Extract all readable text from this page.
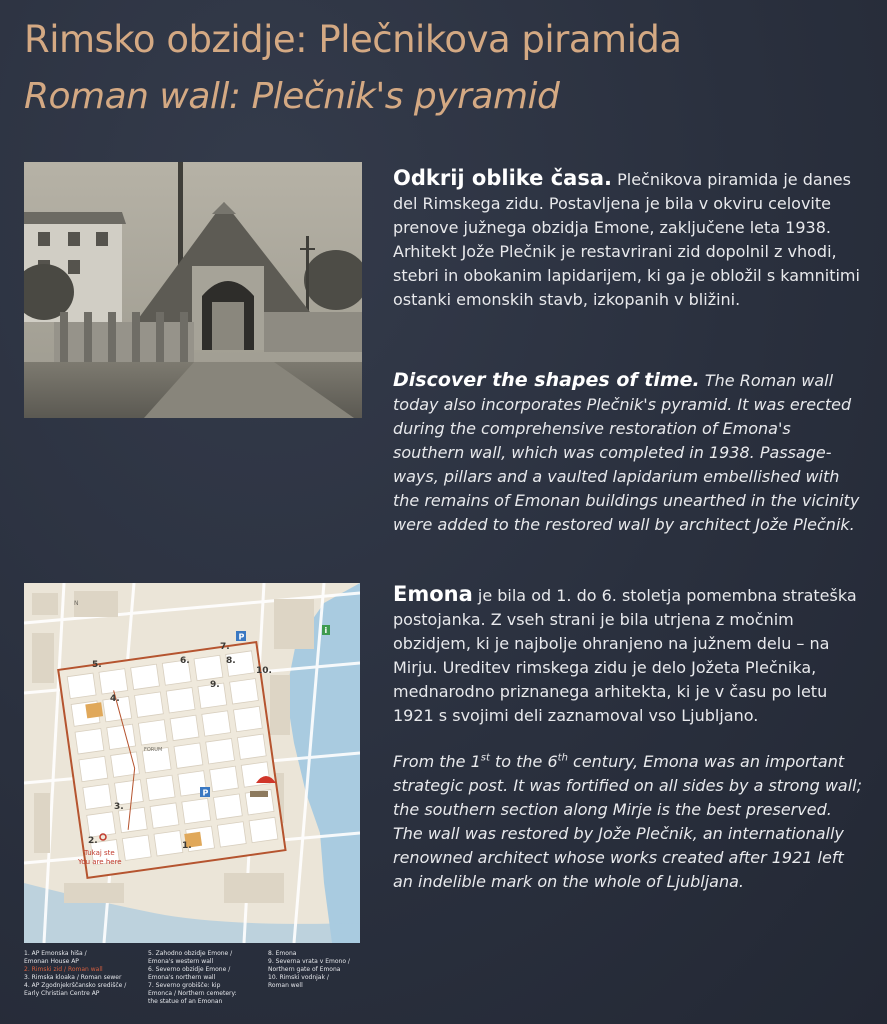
Rimsko obzidje: Plečnikova piramida
Roman wall: Plečnik's pyramid
Odkrij oblike časa. Plečnikova piramida je danes del Rimskega zidu. Postavljena je bila v okviru celovite prenove južnega obzidja Emone, zaključene leta 1938. Arhitekt Jože Plečnik je restavrirani zid dopolnil z vhodi, stebri in obokanim lapidarijem, ki ga je obložil s kamnitimi ostanki emonskih stavb, izkopanih v bližini.
Discover the shapes of time. The Roman wall today also incorporates Plečnik's pyramid. It was erected during the comprehensive restoration of Emona's southern wall, which was completed in 1938. Passage-ways, pillars and a vaulted lapidarium embellished with the remains of Emonan buildings unearthed in the vicinity were added to the restored wall by architect Jože Plečnik.
1.
2.
3.
4.
5.	6.
7.
8.
9.
10.
FORUM
N
Tukaj ste
You are here
P
P
i
Emona je bila od 1. do 6. stoletja pomembna strateška postojanka. Z vseh strani je bila utrjena z močnim obzidjem, ki je najbolje ohranjeno na južnem delu – na Mirju. Ureditev rimskega zidu je delo Jožeta Plečnika, mednarodno priznanega arhitekta, ki je v času po letu 1921 s svojimi deli zaznamoval vso Ljubljano.
From the 1st to the 6th century, Emona was an important strategic post. It was fortified on all sides by a strong wall; the southern section along Mirje is the best preserved. The wall was restored by Jože Plečnik, an internationally renowned architect whose works created after 1921 left an indelible mark on the whole of Ljubljana.
1. AP Emonska hiša /
Emonan House AP
2. Rimski zid / Roman wall
3. Rimska kloaka / Roman sewer
4. AP Zgodnjekrščansko središče /
Early Christian Centre AP
5. Zahodno obzidje Emone /
Emona's western wall
6. Severno obzidje Emone /
Emona's northern wall
7. Severno grobišče: kip
Emonca / Northern cemetery:
the statue of an Emonan
8. Emona
9. Severna vrata v Emono /
Northern gate of Emona
10. Rimski vodnjak /
Roman well
